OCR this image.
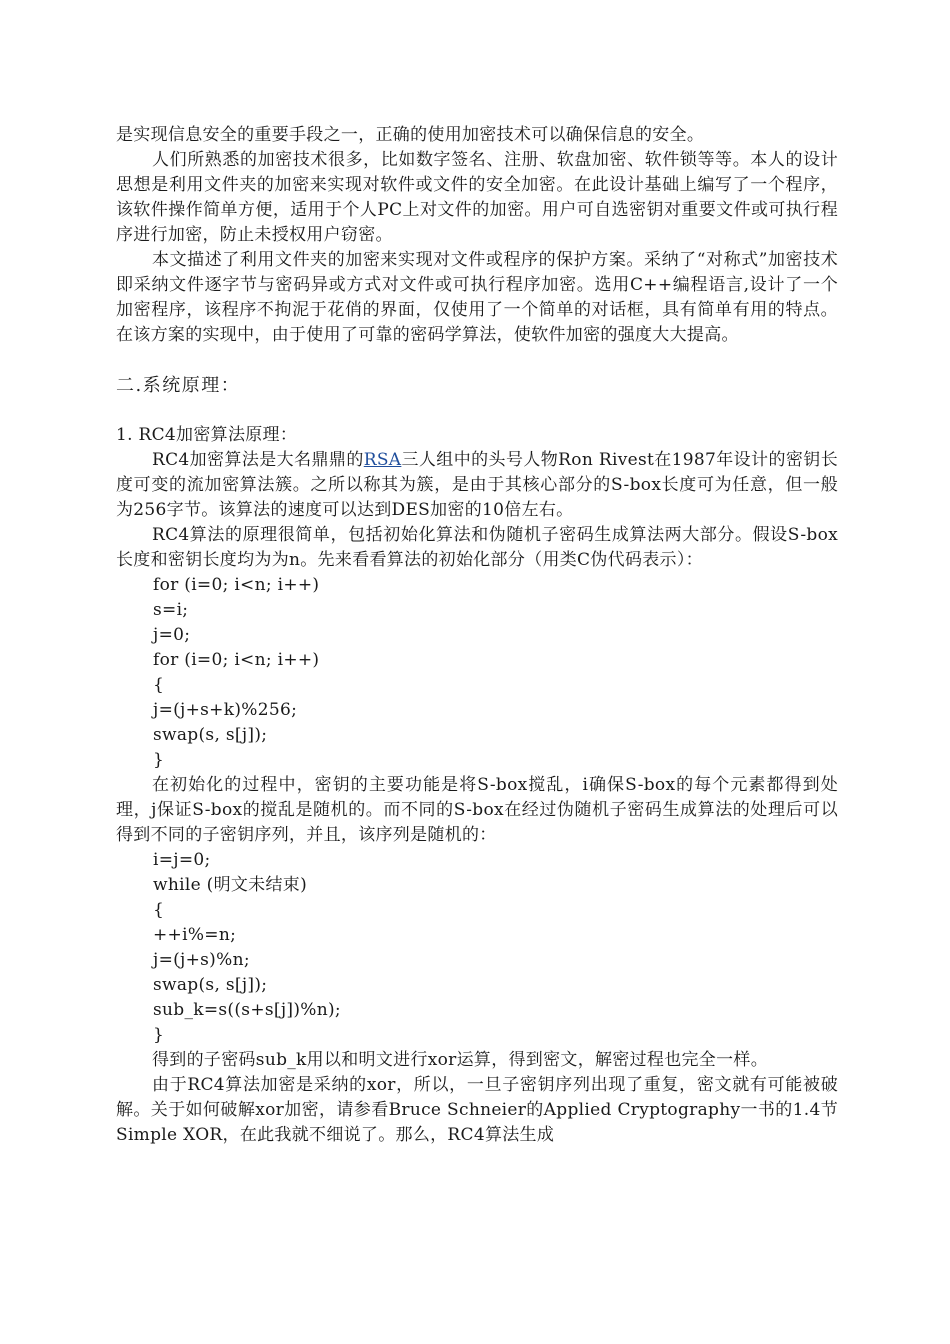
是实现信息安全的重要手段之一，正确的使用加密技术可以确保信息的安全。

人们所熟悉的加密技术很多，比如数字签名、注册、软盘加密、软件锁等等。本人的设计思想是利用文件夹的加密来实现对软件或文件的安全加密。在此设计基础上编写了一个程序，该软件操作简单方便，适用于个人PC上对文件的加密。用户可自选密钥对重要文件或可执行程序进行加密，防止未授权用户窃密。

本文描述了利用文件夹的加密来实现对文件或程序的保护方案。采纳了“对称式”加密技术即采纳文件逐字节与密码异或方式对文件或可执行程序加密。选用C++编程语言,设计了一个加密程序，该程序不拘泥于花俏的界面，仅使用了一个简单的对话框，具有简单有用的特点。在该方案的实现中，由于使用了可靠的密码学算法，使软件加密的强度大大提高。

二.系统原理：

1. RC4加密算法原理：

RC4加密算法是大名鼎鼎的RSA三人组中的头号人物Ron Rivest在1987年设计的密钥长度可变的流加密算法簇。之所以称其为簇，是由于其核心部分的S-box长度可为任意，但一般为256字节。该算法的速度可以达到DES加密的10倍左右。

RC4算法的原理很简单，包括初始化算法和伪随机子密码生成算法两大部分。假设S-box长度和密钥长度均为为n。先来看看算法的初始化部分（用类C伪代码表示）：

for (i=0; i<n; i++)

s=i;

j=0;

for (i=0; i<n; i++)

{

j=(j+s+k)%256;

swap(s, s[j]);

}

在初始化的过程中，密钥的主要功能是将S-box搅乱，i确保S-box的每个元素都得到处理，j保证S-box的搅乱是随机的。而不同的S-box在经过伪随机子密码生成算法的处理后可以得到不同的子密钥序列，并且，该序列是随机的：

i=j=0;

while (明文未结束)

{

++i%=n;

j=(j+s)%n;

swap(s, s[j]);

sub_k=s((s+s[j])%n);

}

得到的子密码sub_k用以和明文进行xor运算，得到密文，解密过程也完全一样。

由于RC4算法加密是采纳的xor，所以，一旦子密钥序列出现了重复，密文就有可能被破解。关于如何破解xor加密，请参看Bruce Schneier的Applied Cryptography一书的1.4节Simple XOR，在此我就不细说了。那么，RC4算法生成
